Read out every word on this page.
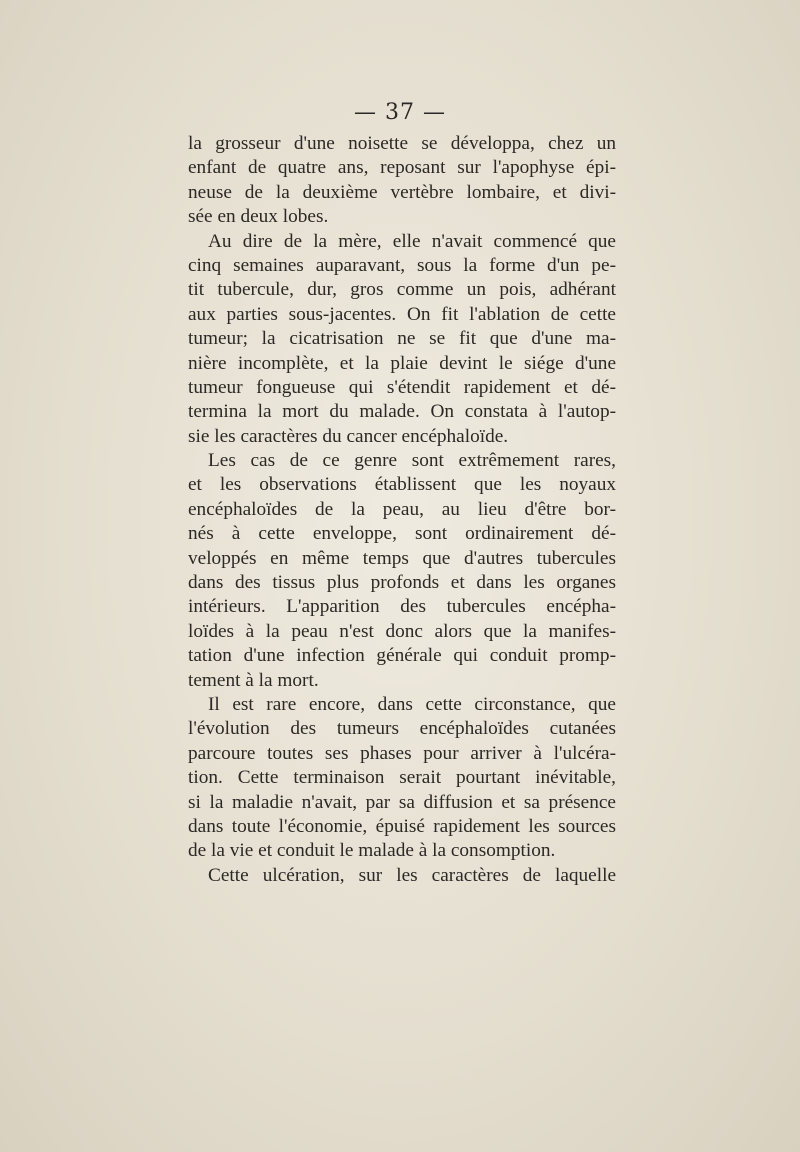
— 37 —
la grosseur d'une noisette se développa, chez un
enfant de quatre ans, reposant sur l'apophyse épi-
neuse de la deuxième vertèbre lombaire, et divi-
sée en deux lobes.
Au dire de la mère, elle n'avait commencé que
cinq semaines auparavant, sous la forme d'un pe-
tit tubercule, dur, gros comme un pois, adhérant
aux parties sous-jacentes. On fit l'ablation de cette
tumeur; la cicatrisation ne se fit que d'une ma-
nière incomplète, et la plaie devint le siége d'une
tumeur fongueuse qui s'étendit rapidement et dé-
termina la mort du malade. On constata à l'autop-
sie les caractères du cancer encéphaloïde.
Les cas de ce genre sont extrêmement rares,
et les observations établissent que les noyaux
encéphaloïdes de la peau, au lieu d'être bor-
nés à cette enveloppe, sont ordinairement dé-
veloppés en même temps que d'autres tubercules
dans des tissus plus profonds et dans les organes
intérieurs. L'apparition des tubercules encépha-
loïdes à la peau n'est donc alors que la manifes-
tation d'une infection générale qui conduit promp-
tement à la mort.
Il est rare encore, dans cette circonstance, que
l'évolution des tumeurs encéphaloïdes cutanées
parcoure toutes ses phases pour arriver à l'ulcéra-
tion. Cette terminaison serait pourtant inévitable,
si la maladie n'avait, par sa diffusion et sa présence
dans toute l'économie, épuisé rapidement les sources
de la vie et conduit le malade à la consomption.
Cette ulcération, sur les caractères de laquelle
